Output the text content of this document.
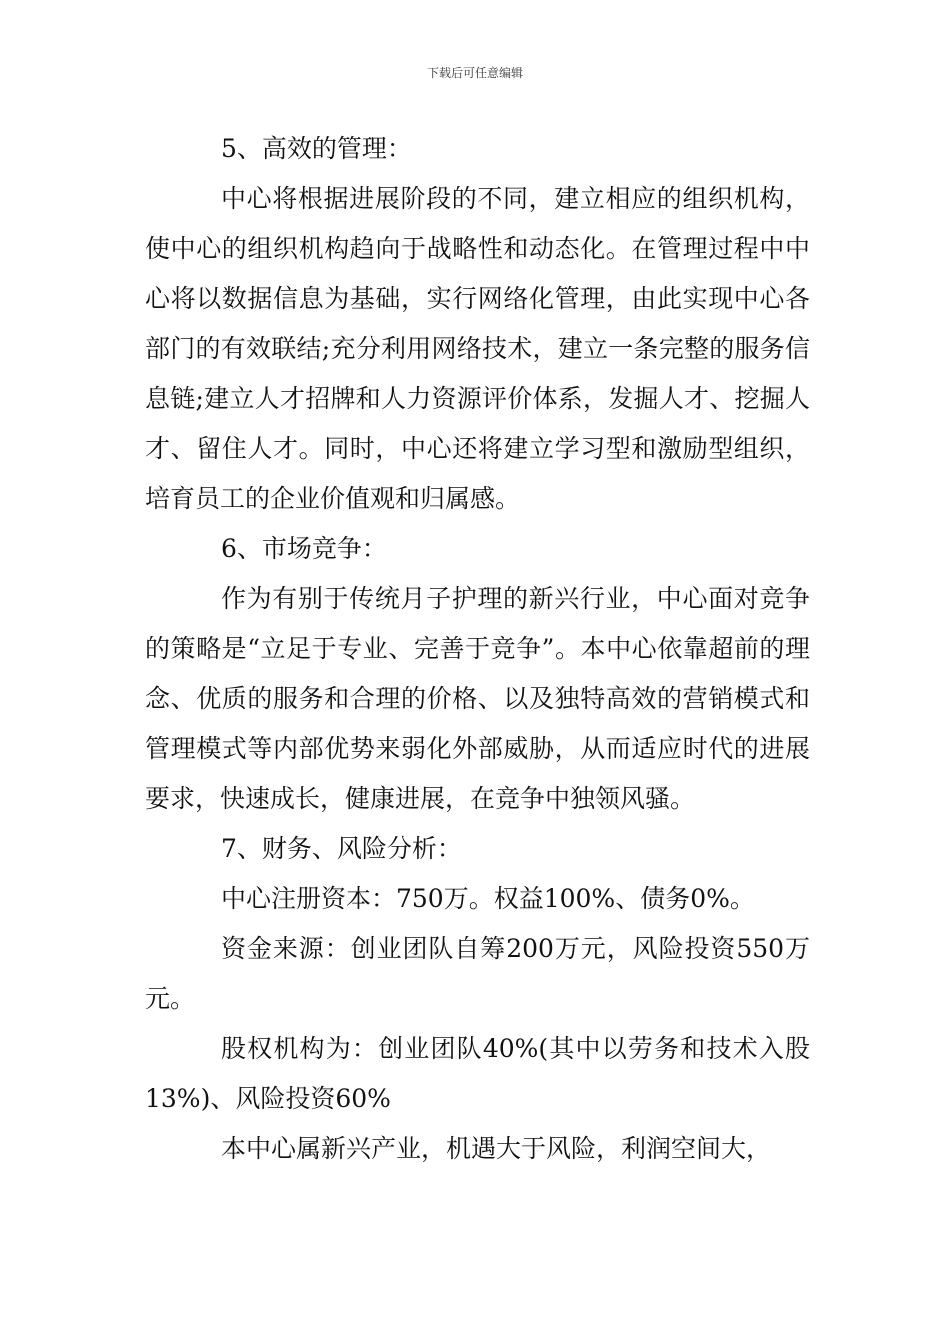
下载后可任意编辑

5、高效的管理：

中心将根据进展阶段的不同，建立相应的组织机构，使中心的组织机构趋向于战略性和动态化。在管理过程中中心将以数据信息为基础，实行网络化管理，由此实现中心各部门的有效联结;充分利用网络技术，建立一条完整的服务信息链;建立人才招牌和人力资源评价体系，发掘人才、挖掘人才、留住人才。同时，中心还将建立学习型和激励型组织，培育员工的企业价值观和归属感。

6、市场竞争：

作为有别于传统月子护理的新兴行业，中心面对竞争的策略是“立足于专业、完善于竞争”。本中心依靠超前的理念、优质的服务和合理的价格、以及独特高效的营销模式和管理模式等内部优势来弱化外部威胁，从而适应时代的进展要求，快速成长，健康进展，在竞争中独领风骚。

7、财务、风险分析：

中心注册资本：750万。权益100%、债务0%。

资金来源：创业团队自筹200万元，风险投资550万元。

股权机构为：创业团队40%(其中以劳务和技术入股13%)、风险投资60%

本中心属新兴产业，机遇大于风险，利润空间大，
